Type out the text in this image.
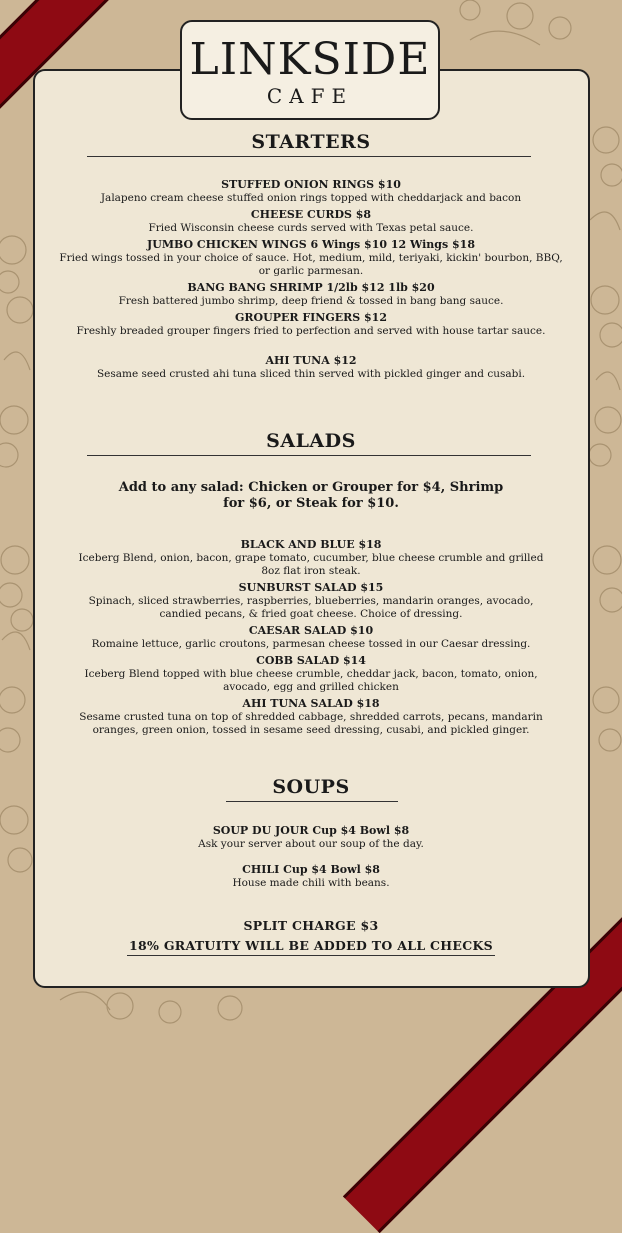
LINKSIDE
CAFE
STARTERS
STUFFED ONION RINGS $10
Jalapeno cream cheese stuffed onion rings topped with cheddarjack and bacon
CHEESE CURDS $8
Fried Wisconsin cheese curds served with Texas petal sauce.
JUMBO CHICKEN WINGS 6 Wings $10 12 Wings $18
Fried wings tossed in your choice of sauce. Hot, medium, mild, teriyaki, kickin' bourbon, BBQ, or garlic parmesan.
BANG BANG SHRIMP 1/2lb $12 1lb $20
Fresh battered jumbo shrimp, deep friend & tossed in bang bang sauce.
GROUPER FINGERS $12
Freshly breaded grouper fingers fried to perfection and served with house tartar sauce.
AHI TUNA $12
Sesame seed crusted ahi tuna sliced thin served with pickled ginger and cusabi.
SALADS
Add to any salad: Chicken or Grouper for $4, Shrimp for $6, or Steak for $10.
BLACK AND BLUE $18
Iceberg Blend, onion, bacon, grape tomato, cucumber, blue cheese crumble and grilled 8oz flat iron steak.
SUNBURST SALAD $15
Spinach, sliced strawberries, raspberries, blueberries, mandarin oranges, avocado, candied pecans, & fried goat cheese. Choice of dressing.
CAESAR SALAD $10
Romaine lettuce, garlic croutons, parmesan cheese tossed in our Caesar dressing.
COBB SALAD $14
Iceberg Blend topped with blue cheese crumble, cheddar jack, bacon, tomato, onion, avocado, egg and grilled chicken
AHI TUNA SALAD $18
Sesame crusted tuna on top of shredded cabbage, shredded carrots, pecans, mandarin oranges, green onion, tossed in sesame seed dressing, cusabi, and pickled ginger.
SOUPS
SOUP DU JOUR Cup $4 Bowl $8
Ask your server about our soup of the day.
CHILI Cup $4 Bowl $8
House made chili with beans.
SPLIT CHARGE $3
18% GRATUITY WILL BE ADDED TO ALL CHECKS
